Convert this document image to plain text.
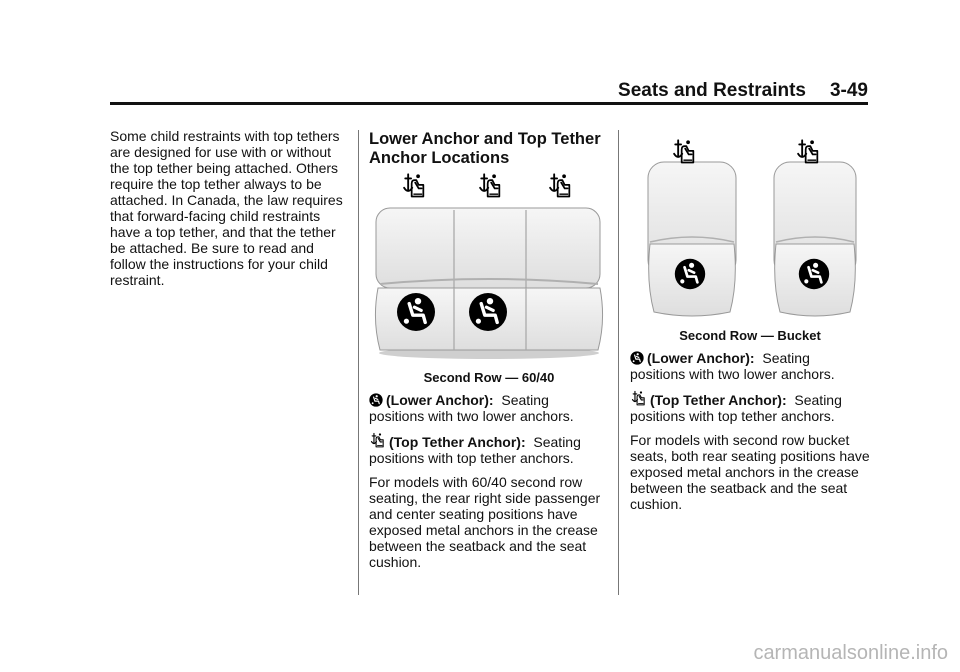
Seats and Restraints	3-49

Some child restraints with top tethers are designed for use with or without the top tether being attached. Others require the top tether always to be attached. In Canada, the law requires that forward-facing child restraints have a top tether, and that the tether be attached. Be sure to read and follow the instructions for your child restraint.

Lower Anchor and Top Tether

Anchor Locations

Second Row — 60/40

(Lower Anchor): Seating
positions with two lower anchors.

(Top Tether Anchor): Seating
positions with top tether anchors.

For models with 60/40 second row seating, the rear right side passenger and center seating positions have exposed metal anchors in the crease between the seatback and the seat cushion.

Second Row — Bucket

(Lower Anchor): Seating
positions with two lower anchors.

(Top Tether Anchor): Seating
positions with top tether anchors.

For models with second row bucket seats, both rear seating positions have exposed metal anchors in the crease between the seatback and the seat cushion.

carmanualsonline.info
